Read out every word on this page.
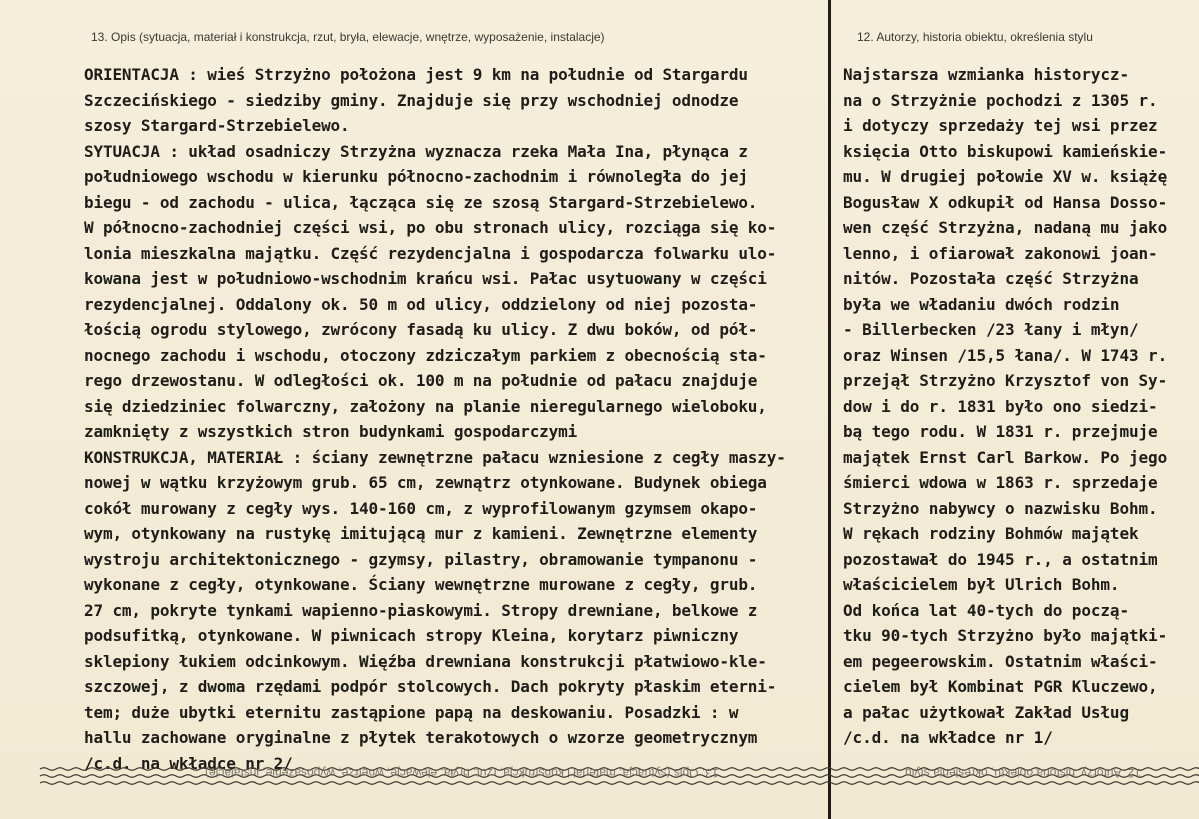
13. Opis (sytuacja, materiał i konstrukcja, rzut, bryła, elewacje, wnętrze, wyposażenie, instalacje)	12. Autorzy, historia obiektu, określenia stylu
ORIENTACJA : wieś Strzyżno położona jest 9 km na południe od Stargardu
Szczecińskiego - siedziby gminy. Znajduje się przy wschodniej odnodze
szosy Stargard-Strzebielewo.
SYTUACJA : układ osadniczy Strzyżna wyznacza rzeka Mała Ina, płynąca z
południowego wschodu w kierunku północno-zachodnim i równoległa do jej
biegu - od zachodu - ulica, łącząca się ze szosą Stargard-Strzebielewo.
W północno-zachodniej części wsi, po obu stronach ulicy, rozciąga się ko-
lonia mieszkalna majątku. Część rezydencjalna i gospodarcza folwarku ulo-
kowana jest w południowo-wschodnim krańcu wsi. Pałac usytuowany w części
rezydencjalnej. Oddalony ok. 50 m od ulicy, oddzielony od niej pozosta-
łością ogrodu stylowego, zwrócony fasadą ku ulicy. Z dwu boków, od pół-
nocnego zachodu i wschodu, otoczony zdziczałym parkiem z obecnością sta-
rego drzewostanu. W odległości ok. 100 m na południe od pałacu znajduje
się dziedziniec folwarczny, założony na planie nieregularnego wieloboku,
zamknięty z wszystkich stron budynkami gospodarczymi
KONSTRUKCJA, MATERIAŁ : ściany zewnętrzne pałacu wzniesione z cegły maszy-
nowej w wątku krzyżowym grub. 65 cm, zewnątrz otynkowane. Budynek obiega
cokół murowany z cegły wys. 140-160 cm, z wyprofilowanym gzymsem okapo-
wym, otynkowany na rustykę imitującą mur z kamieni. Zewnętrzne elementy
wystroju architektonicznego - gzymsy, pilastry, obramowanie tympanonu -
wykonane z cegły, otynkowane. Ściany wewnętrzne murowane z cegły, grub.
27 cm, pokryte tynkami wapienno-piaskowymi. Stropy drewniane, belkowe z
podsufitką, otynkowane. W piwnicach stropy Kleina, korytarz piwniczny
sklepiony łukiem odcinkowym. Więźba drewniana konstrukcji płatwiowo-kle-
szczowej, z dwoma rzędami podpór stolcowych. Dach pokryty płaskim eterni-
tem; duże ubytki eternitu zastąpione papą na deskowaniu. Posadzki : w
hallu zachowane oryginalne z płytek terakotowych o wzorze geometrycznym
/c.d. na wkładce nr 2/
Najstarsza wzmianka historycz-
na o Strzyżnie pochodzi z 1305 r.
i dotyczy sprzedaży tej wsi przez
księcia Otto biskupowi kamieńskie-
mu. W drugiej połowie XV w. książę
Bogusław X odkupił od Hansa Dosso-
wen część Strzyżna, nadaną mu jako
lenno, i ofiarował zakonowi joan-
nitów. Pozostała część Strzyżna
była we władaniu dwóch rodzin
- Billerbecken /23 łany i młyn/
oraz Winsen /15,5 łana/. W 1743 r.
przejął Strzyżno Krzysztof von Sy-
dow i do r. 1831 było ono siedzi-
bą tego rodu. W 1831 r. przejmuje
majątek Ernst Carl Barkow. Po jego
śmierci wdowa w 1863 r. sprzedaje
Strzyżno nabywcy o nazwisku Bohm.
W rękach rodziny Bohmów majątek
pozostawał do 1945 r., a ostatnim
właścicielem był Ulrich Bohm.
Od końca lat 40-tych do począ-
tku 90-tych Strzyżno było majątki-
em pegeerowskim. Ostatnim właści-
cielem był Kombinat PGR Kluczewo,
a pałac użytkował Zakład Usług
/c.d. na wkładce nr 1/
13. Opis (sytuacja, materiał i konstrukcja, rzut, bryła, elewacje, wnętrze, wyposażenie, instalacje)	12. Autorzy, historia obiektu, określenia stylu
